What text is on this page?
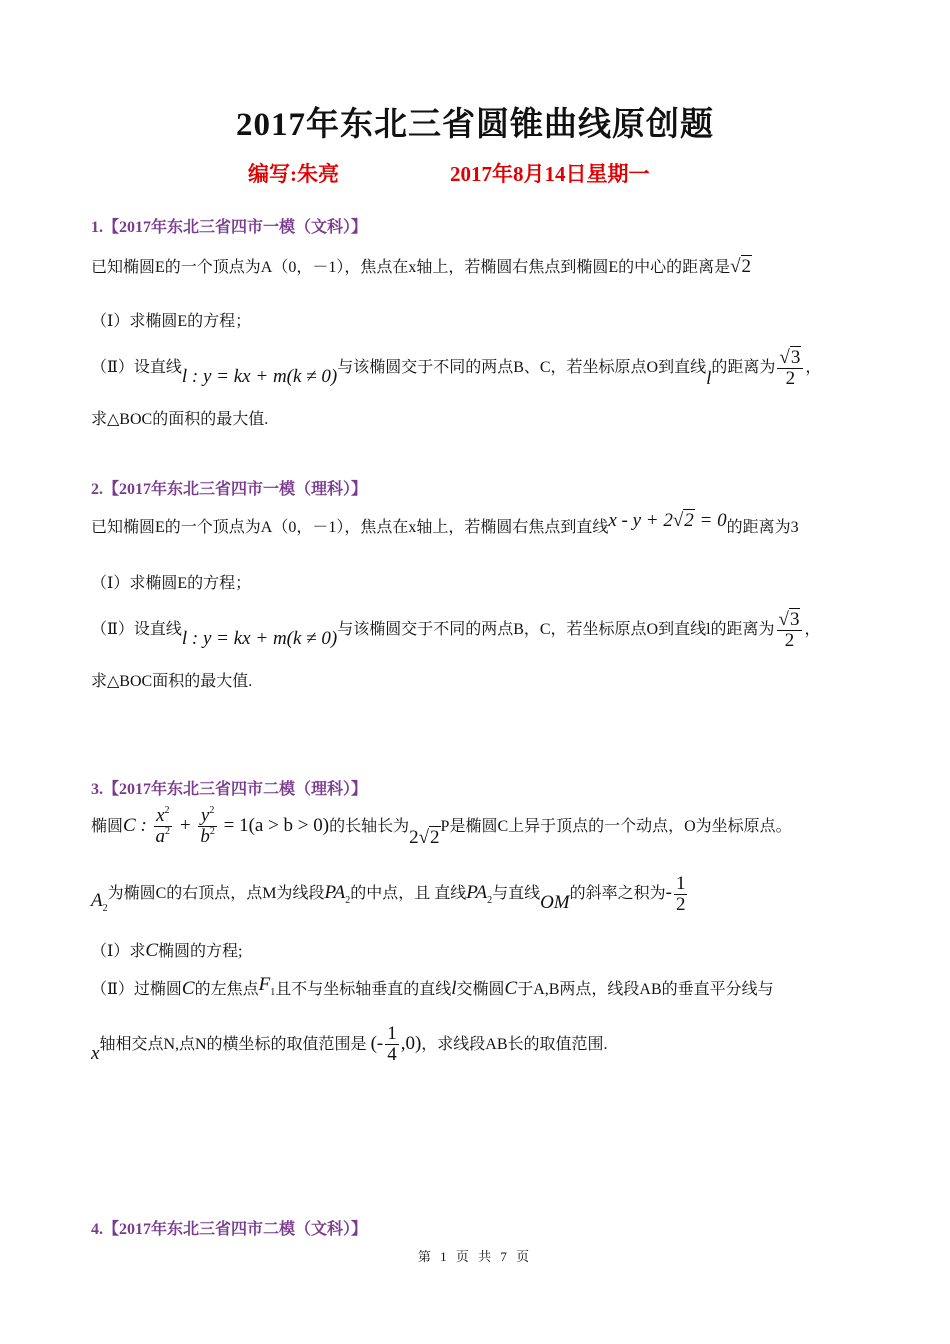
2017年东北三省圆锥曲线原创题
编写:朱亮	2017年8月14日星期一
1.【2017年东北三省四市一模（文科）】
已知椭圆E的一个顶点为A（0，－1），焦点在x轴上，若椭圆右焦点到椭圆E的中心的距离是√2
（Ⅰ）求椭圆E的方程；
（Ⅱ）设直线l : y = kx + m(k ≠ 0)与该椭圆交于不同的两点B、C，若坐标原点O到直线l的距离为 $\frac{√3}{2}$ ，
求△BOC的面积的最大值.
2.【2017年东北三省四市一模（理科）】
已知椭圆E的一个顶点为A（0，－1），焦点在x轴上，若椭圆右焦点到直线x - y + 2√2 = 0的距离为3
（Ⅰ）求椭圆E的方程；
（Ⅱ）设直线l : y = kx + m(k ≠ 0)与该椭圆交于不同的两点B，C，若坐标原点O到直线l的距离为 $\frac{√3}{2}$ ，
求△BOC面积的最大值.
3.【2017年东北三省四市二模（理科）】
椭圆C : $\frac{x^2}{a^2} + \frac{y^2}{b^2} = 1(a > b > 0)$的长轴长为2√2P是椭圆C上异于顶点的一个动点，O为坐标原点。
$A_2$为椭圆C的右顶点，点M为线段$PA_2$的中点，且 直线$PA_2$与直线OM的斜率之积为- $\frac{1}{2}$
（Ⅰ）求C椭圆的方程;
（Ⅱ）过椭圆C的左焦点$F_1$且不与坐标轴垂直的直线l交椭圆C于A,B两点，线段AB的垂直平分线与
x轴相交点N,点N的横坐标的取值范围是 (- $\frac{1}{4} ,0$)，求线段AB长的取值范围.
4.【2017年东北三省四市二模（文科）】
第 1 页 共 7 页
